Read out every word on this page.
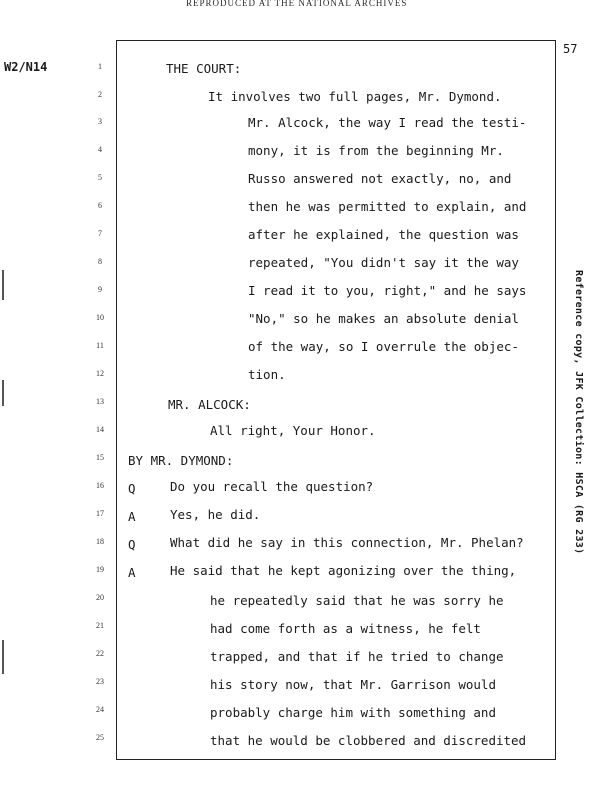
REPRODUCED AT THE NATIONAL ARCHIVES
W2/N14
57
Reference copy, JFK Collection: HSCA (RG 233)
1
2
3
4
5
6
7
8
9
10
11
12
13
14
15
16
17
18
19
20
21
22
23
24
25
THE COURT:
It involves two full pages, Mr. Dymond.
Mr. Alcock, the way I read the testi-
mony, it is from the beginning Mr.
Russo answered not exactly, no, and
then he was permitted to explain, and
after he explained, the question was
repeated, "You didn't say it the way
I read it to you, right," and he says
"No," so he makes an absolute denial
of the way, so I overrule the objec-
tion.
MR. ALCOCK:
All right, Your Honor.
BY MR. DYMOND:
Q	Do you recall the question?
A	Yes, he did.
Q	What did he say in this connection, Mr. Phelan?
A	He said that he kept agonizing over the thing,
he repeatedly said that he was sorry he
had come forth as a witness, he felt
trapped, and that if he tried to change
his story now, that Mr. Garrison would
probably charge him with something and
that he would be clobbered and discredited
